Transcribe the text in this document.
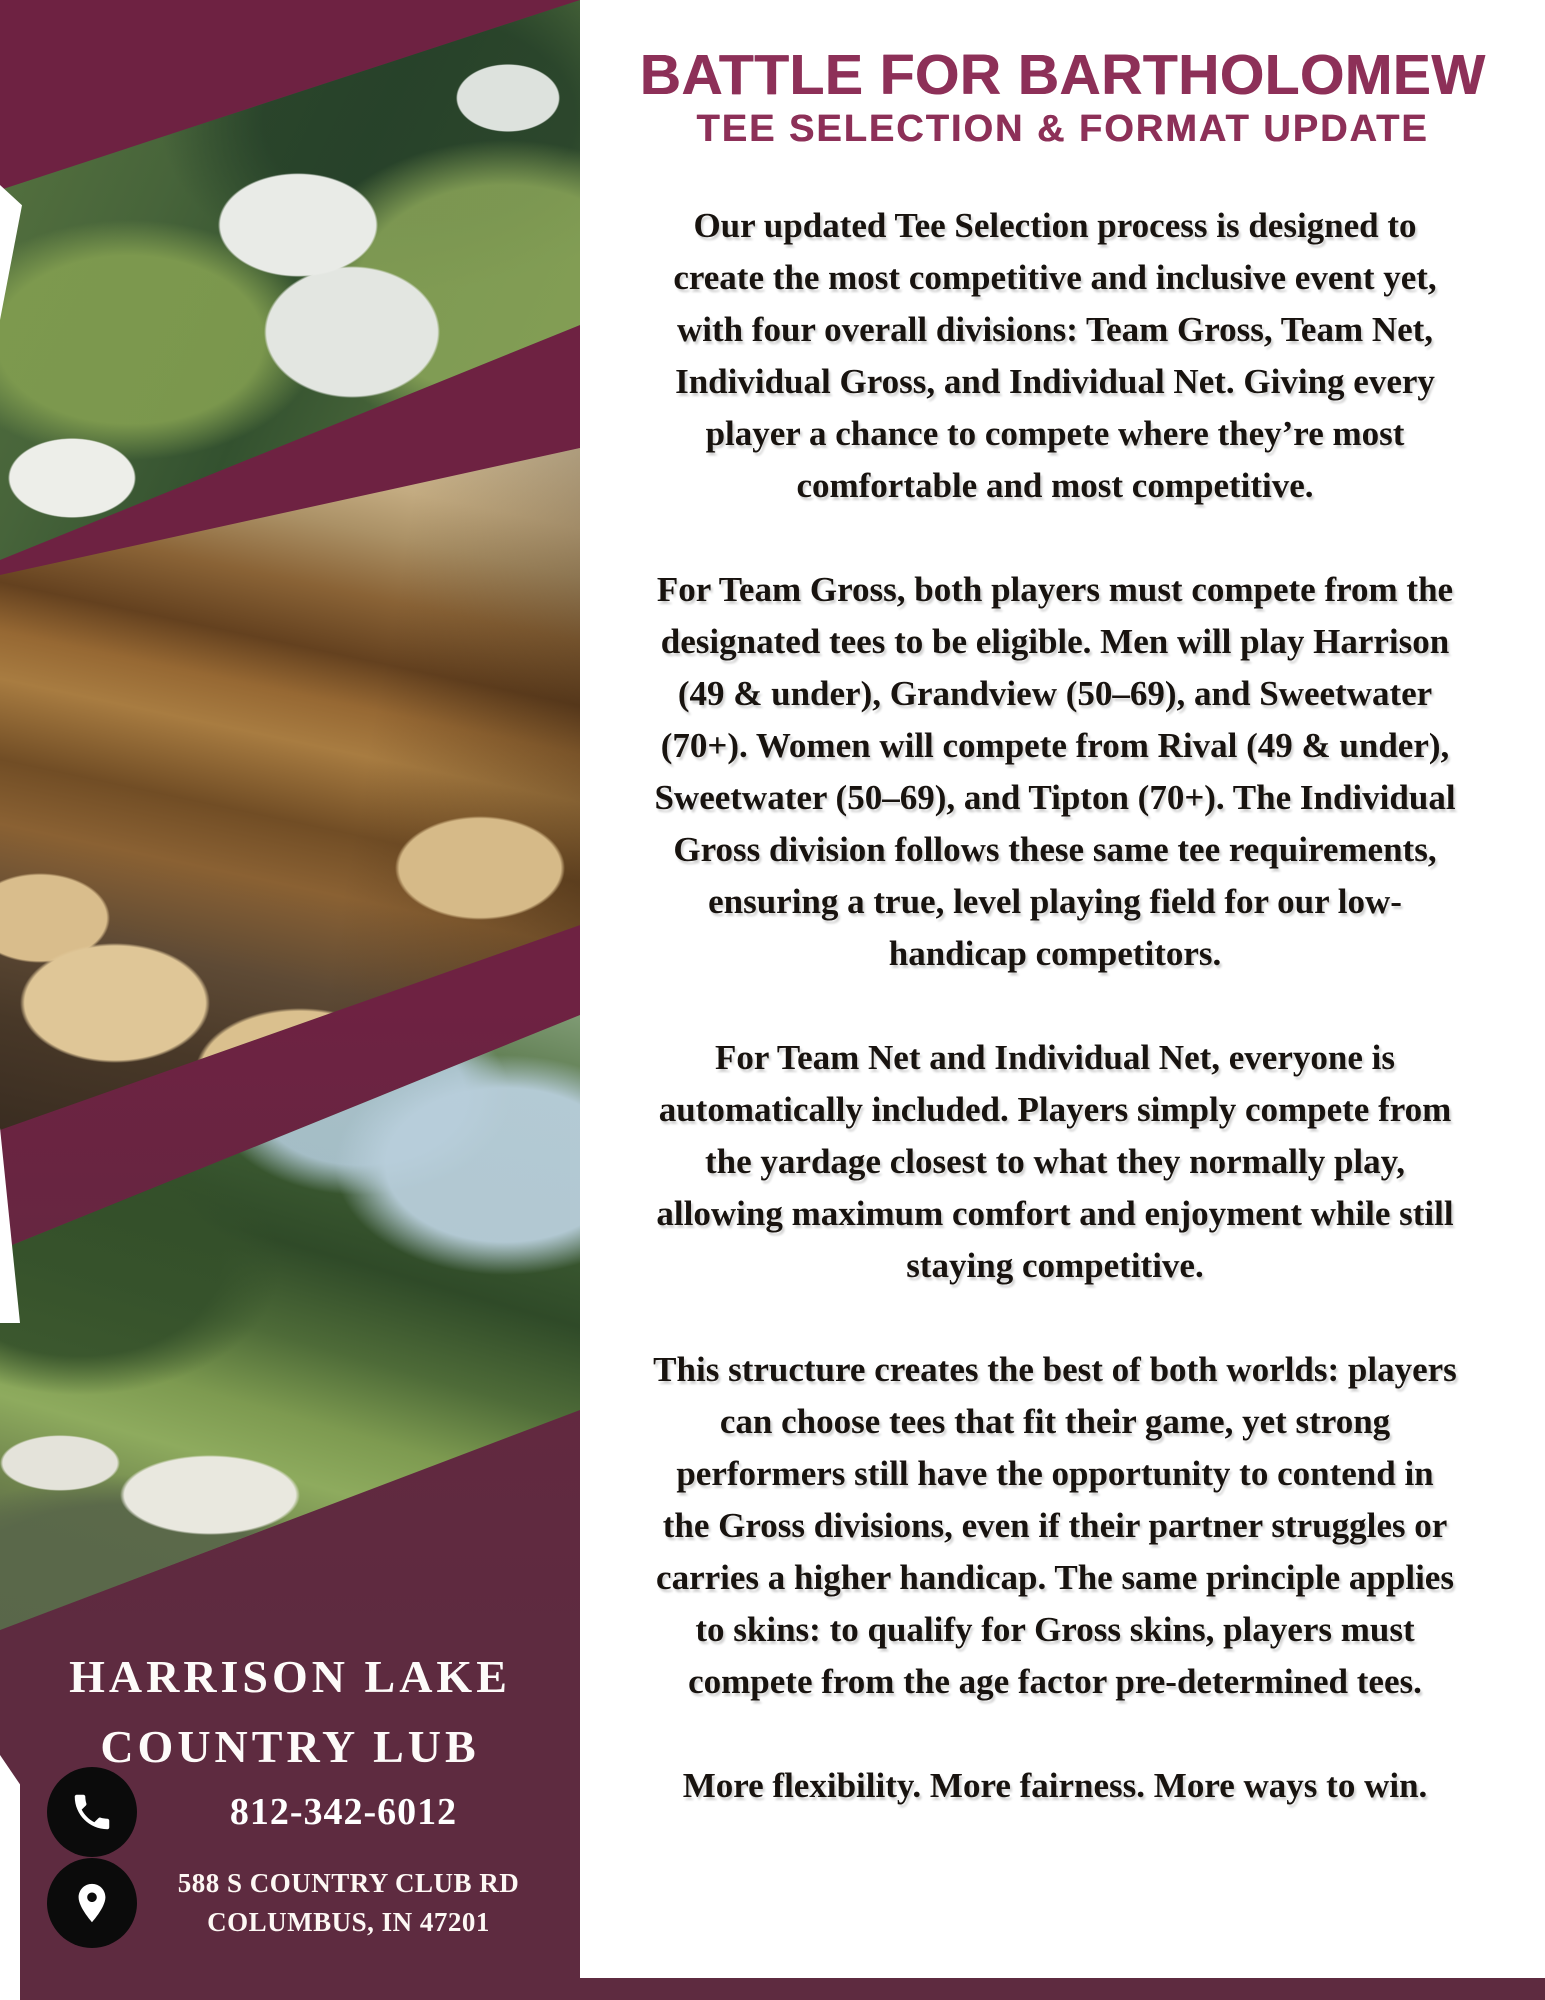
HARRISON LAKE
COUNTRY LUB
812-342-6012
588 S COUNTRY CLUB RD
COLUMBUS, IN 47201
BATTLE FOR BARTHOLOMEW
TEE SELECTION & FORMAT UPDATE

Our updated Tee Selection process is designed to create the most competitive and inclusive event yet, with four overall divisions: Team Gross, Team Net, Individual Gross, and Individual Net. Giving every player a chance to compete where they’re most comfortable and most competitive.

For Team Gross, both players must compete from the designated tees to be eligible. Men will play Harrison (49 & under), Grandview (50–69), and Sweetwater (70+). Women will compete from Rival (49 & under), Sweetwater (50–69), and Tipton (70+). The Individual Gross division follows these same tee requirements, ensuring a true, level playing field for our low-handicap competitors.

For Team Net and Individual Net, everyone is automatically included. Players simply compete from the yardage closest to what they normally play, allowing maximum comfort and enjoyment while still staying competitive.

This structure creates the best of both worlds: players can choose tees that fit their game, yet strong performers still have the opportunity to contend in the Gross divisions, even if their partner struggles or carries a higher handicap. The same principle applies to skins: to qualify for Gross skins, players must compete from the age factor pre-determined tees.

More flexibility. More fairness. More ways to win.
